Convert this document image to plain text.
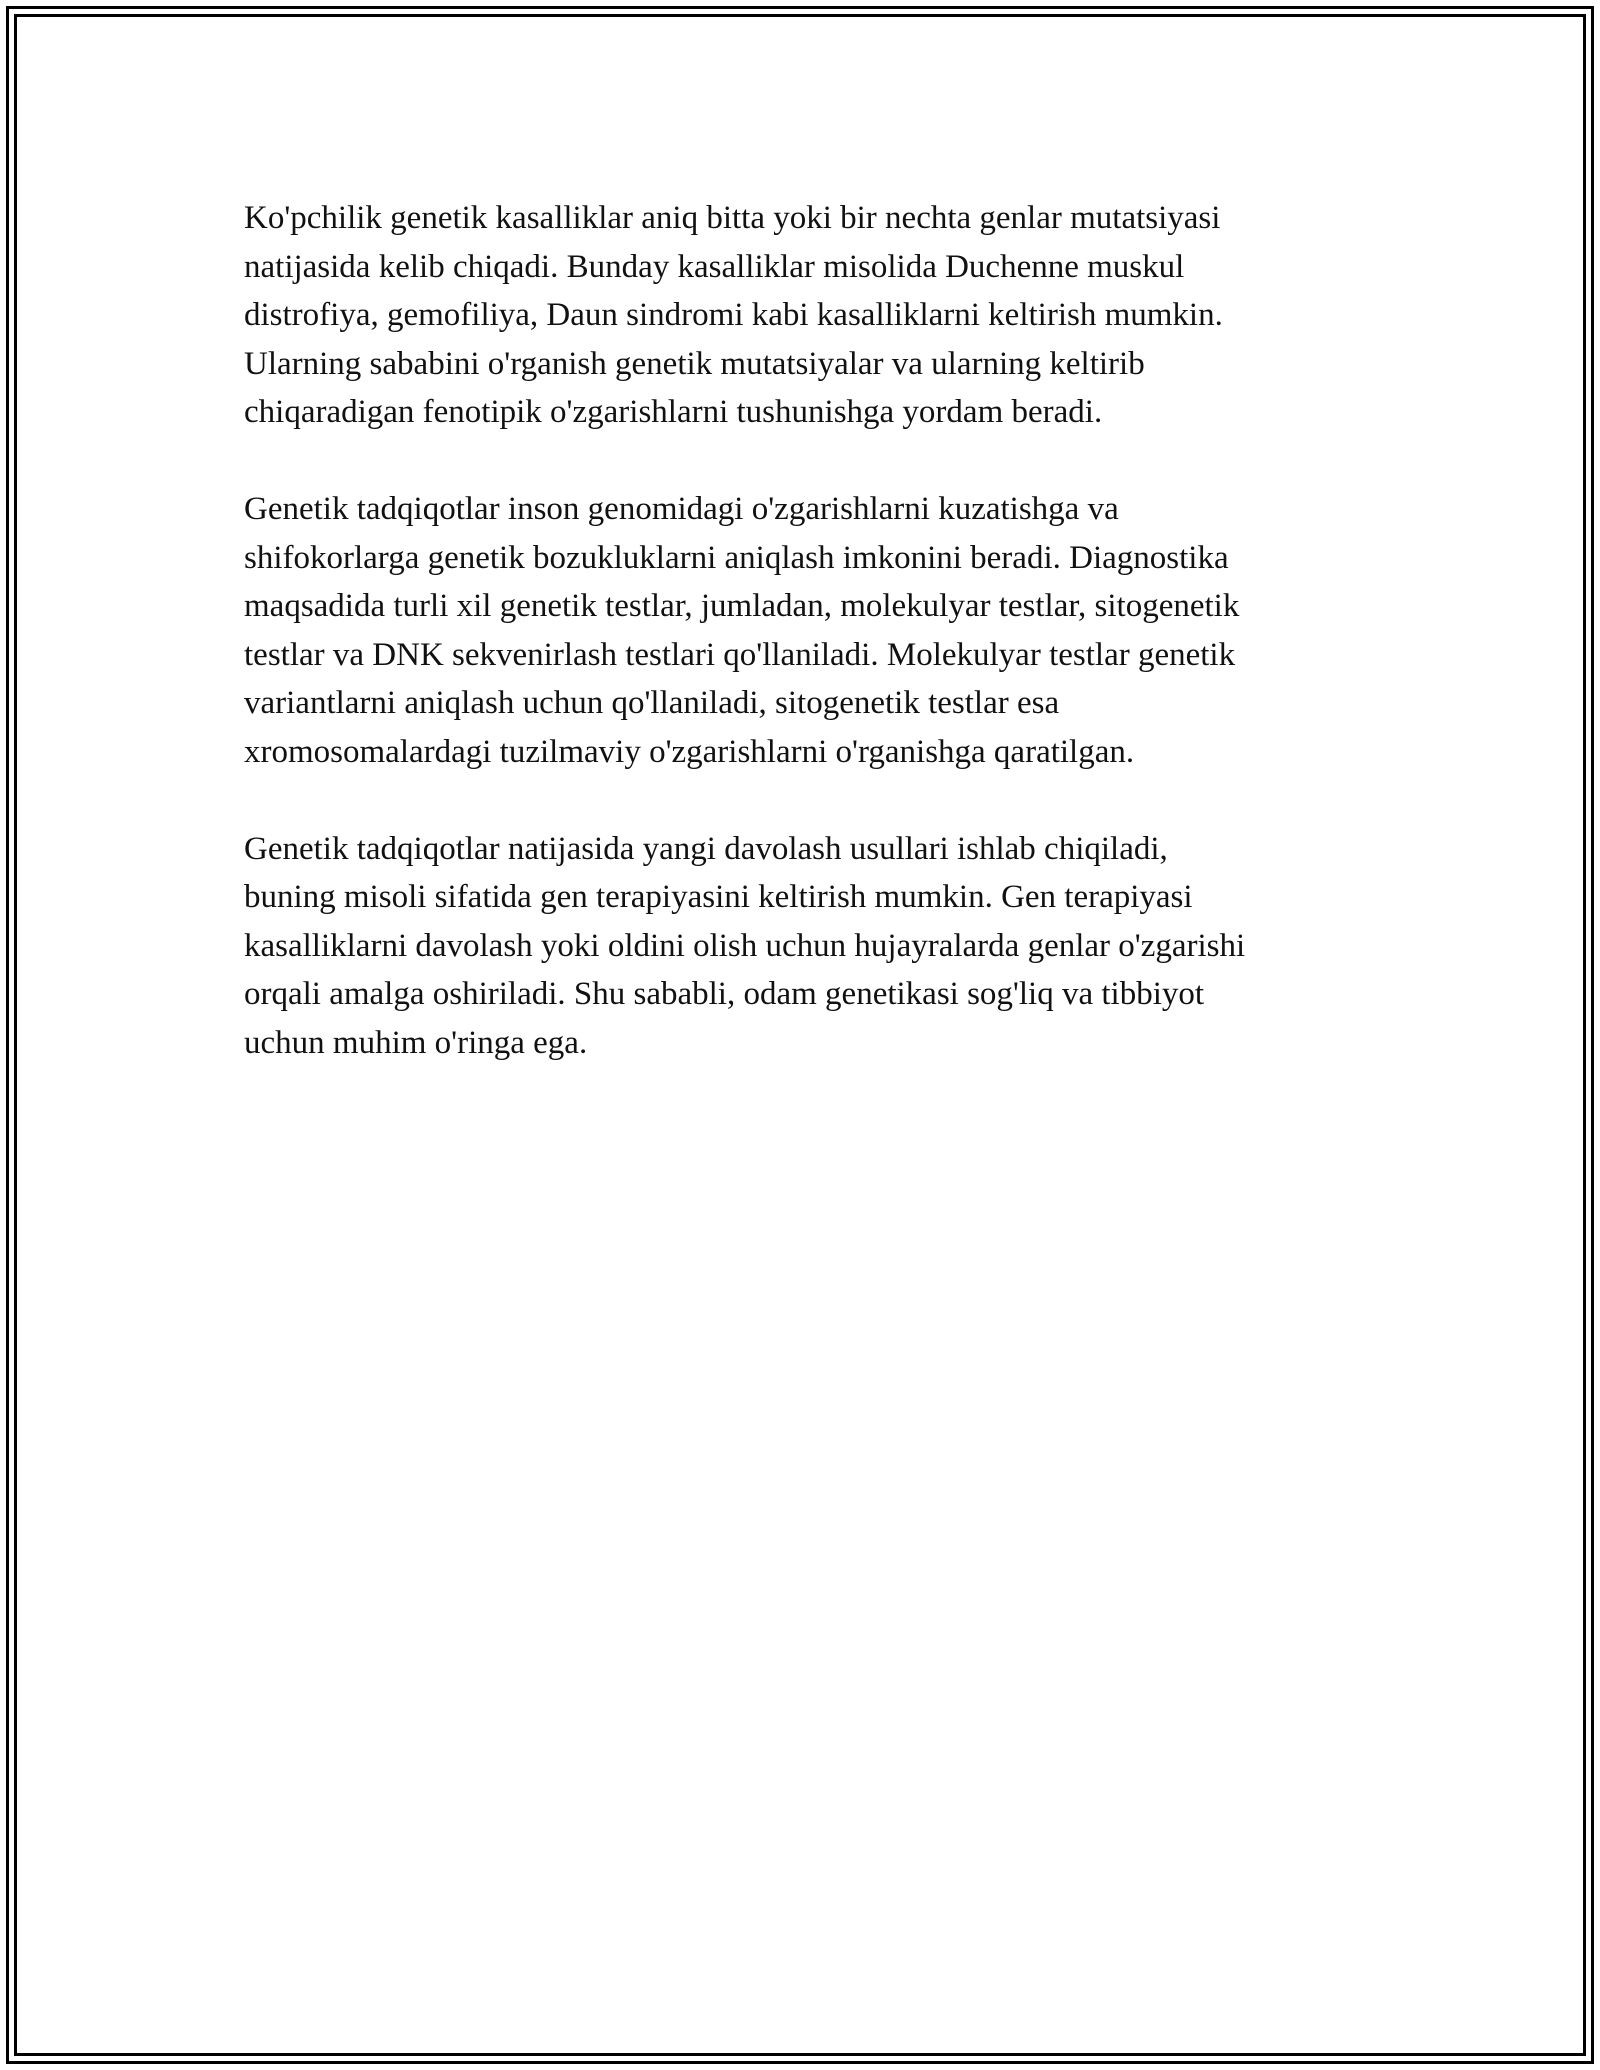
Ko'pchilik genetik kasalliklar aniq bitta yoki bir nechta genlar mutatsiyasi
natijasida kelib chiqadi. Bunday kasalliklar misolida Duchenne muskul
distrofiya, gemofiliya, Daun sindromi kabi kasalliklarni keltirish mumkin.
Ularning sababini o'rganish genetik mutatsiyalar va ularning keltirib
chiqaradigan fenotipik o'zgarishlarni tushunishga yordam beradi.

Genetik tadqiqotlar inson genomidagi o'zgarishlarni kuzatishga va
shifokorlarga genetik bozukluklarni aniqlash imkonini beradi. Diagnostika
maqsadida turli xil genetik testlar, jumladan, molekulyar testlar, sitogenetik
testlar va DNK sekvenirlash testlari qo'llaniladi. Molekulyar testlar genetik
variantlarni aniqlash uchun qo'llaniladi, sitogenetik testlar esa
xromosomalardagi tuzilmaviy o'zgarishlarni o'rganishga qaratilgan.

Genetik tadqiqotlar natijasida yangi davolash usullari ishlab chiqiladi,
buning misoli sifatida gen terapiyasini keltirish mumkin. Gen terapiyasi
kasalliklarni davolash yoki oldini olish uchun hujayralarda genlar o'zgarishi
orqali amalga oshiriladi. Shu sababli, odam genetikasi sog'liq va tibbiyot
uchun muhim o'ringa ega.
